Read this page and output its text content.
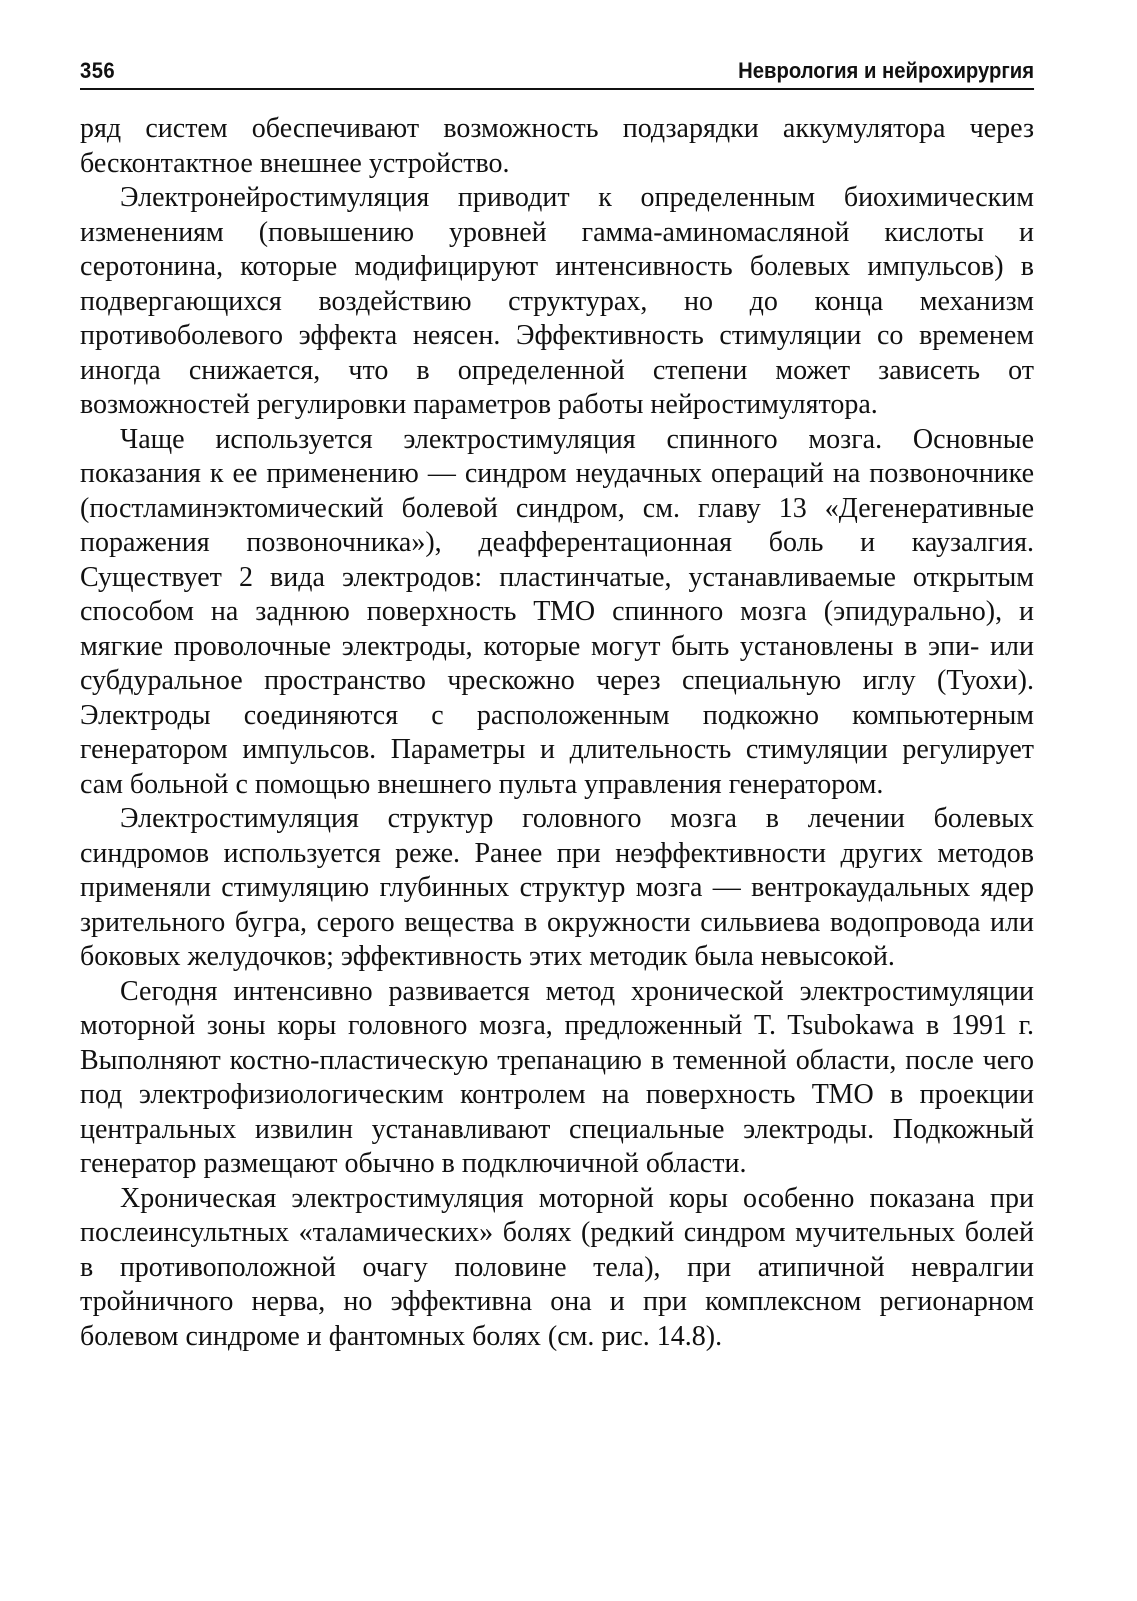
356	Неврология и нейрохирургия

ряд систем обеспечивают возможность подзарядки аккумулятора через бесконтактное внешнее устройство.

Электронейростимуляция приводит к определенным биохимическим изменениям (повышению уровней гамма-аминомасляной кислоты и серотонина, которые модифицируют интенсивность болевых импульсов) в подвергающихся воздействию структурах, но до конца механизм противоболевого эффекта неясен. Эффективность стимуляции со временем иногда снижается, что в определенной степени может зависеть от возможностей регулировки параметров работы нейростимулятора.

Чаще используется электростимуляция спинного мозга. Основные показания к ее применению — синдром неудачных операций на позвоночнике (постламинэктомический болевой синдром, см. главу 13 «Дегенеративные поражения позвоночника»), деафферентационная боль и каузалгия. Существует 2 вида электродов: пластинчатые, устанавливаемые открытым способом на заднюю поверхность ТМО спинного мозга (эпидурально), и мягкие проволочные электроды, которые могут быть установлены в эпи- или субдуральное пространство чрескожно через специальную иглу (Туохи). Электроды соединяются с расположенным подкожно компьютерным генератором импульсов. Параметры и длительность стимуляции регулирует сам больной с помощью внешнего пульта управления генератором.

Электростимуляция структур головного мозга в лечении болевых синдромов используется реже. Ранее при неэффективности других методов применяли стимуляцию глубинных структур мозга — вентрокаудальных ядер зрительного бугра, серого вещества в окружности сильвиева водопровода или боковых желудочков; эффективность этих методик была невысокой.

Сегодня интенсивно развивается метод хронической электростимуляции моторной зоны коры головного мозга, предложенный T. Tsubokawa в 1991 г. Выполняют костно-пластическую трепанацию в теменной области, после чего под электрофизиологическим контролем на поверхность ТМО в проекции центральных извилин устанавливают специальные электроды. Подкожный генератор размещают обычно в подключичной области.

Хроническая электростимуляция моторной коры особенно показана при послеинсультных «таламических» болях (редкий синдром мучительных болей в противоположной очагу половине тела), при атипичной невралгии тройничного нерва, но эффективна она и при комплексном регионарном болевом синдроме и фантомных болях (см. рис. 14.8).
